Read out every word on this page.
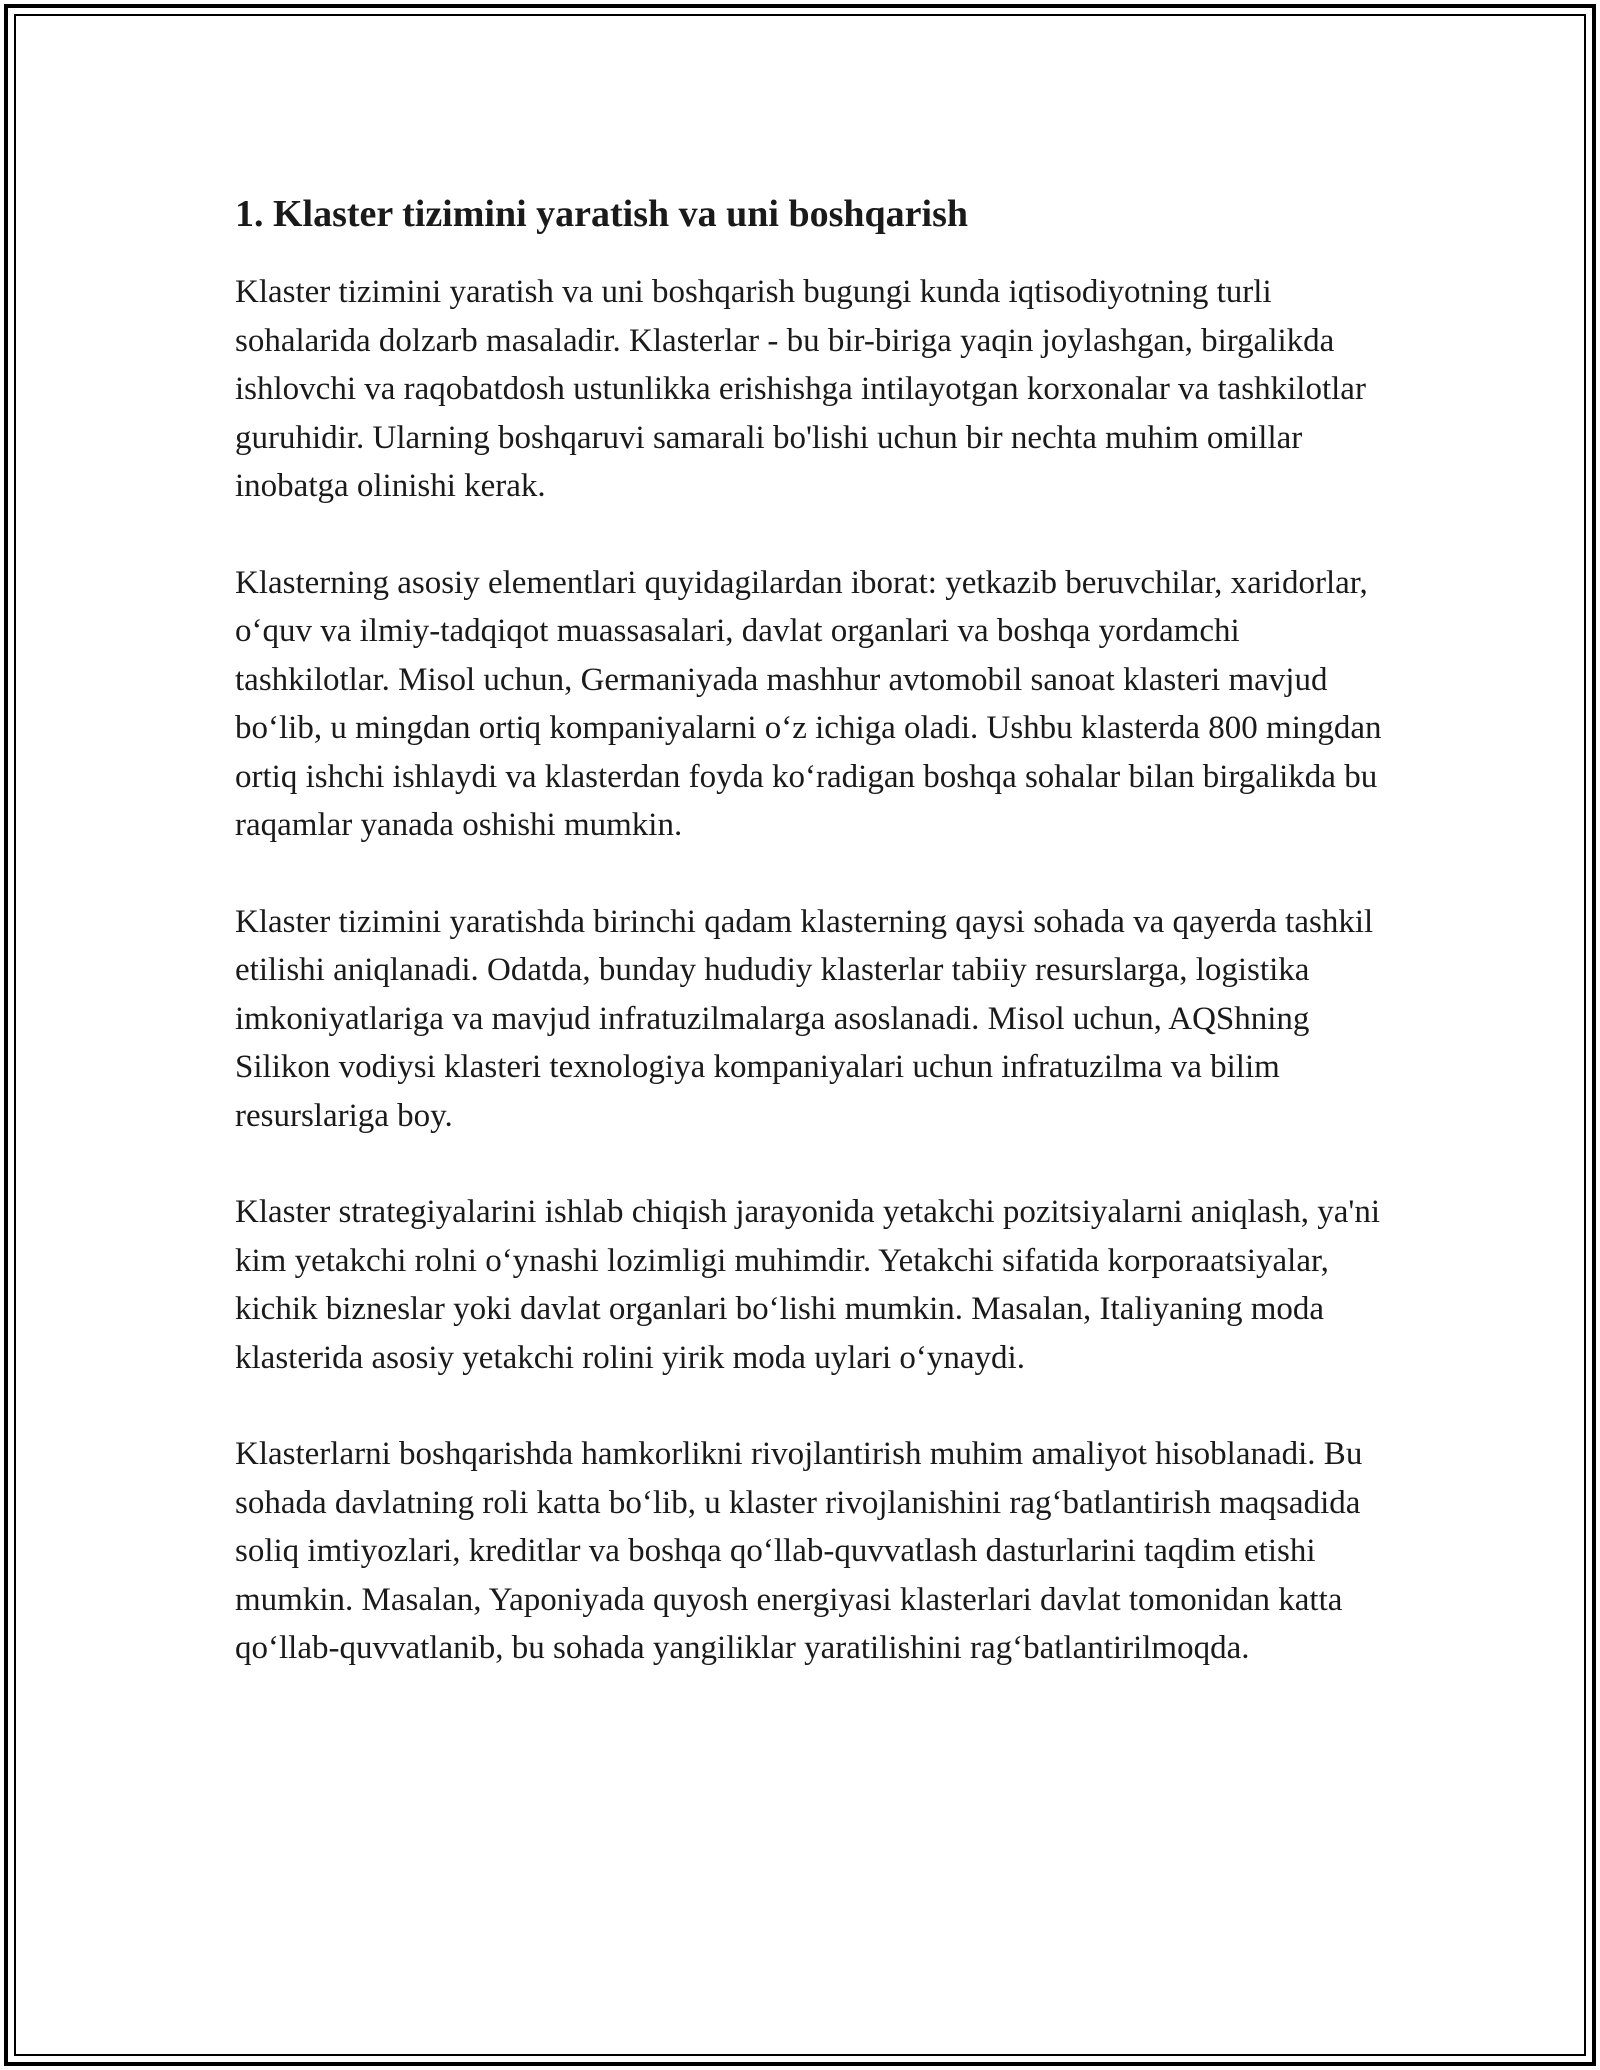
1. Klaster tizimini yaratish va uni boshqarish

Klaster tizimini yaratish va uni boshqarish bugungi kunda iqtisodiyotning turli sohalarida dolzarb masaladir. Klasterlar - bu bir-biriga yaqin joylashgan, birgalikda ishlovchi va raqobatdosh ustunlikka erishishga intilayotgan korxonalar va tashkilotlar guruhidir. Ularning boshqaruvi samarali bo'lishi uchun bir nechta muhim omillar inobatga olinishi kerak.

Klasterning asosiy elementlari quyidagilardan iborat: yetkazib beruvchilar, xaridorlar, o‘quv va ilmiy-tadqiqot muassasalari, davlat organlari va boshqa yordamchi tashkilotlar. Misol uchun, Germaniyada mashhur avtomobil sanoat klasteri mavjud bo‘lib, u mingdan ortiq kompaniyalarni o‘z ichiga oladi. Ushbu klasterda 800 mingdan ortiq ishchi ishlaydi va klasterdan foyda ko‘radigan boshqa sohalar bilan birgalikda bu raqamlar yanada oshishi mumkin.

Klaster tizimini yaratishda birinchi qadam klasterning qaysi sohada va qayerda tashkil etilishi aniqlanadi. Odatda, bunday hududiy klasterlar tabiiy resurslarga, logistika imkoniyatlariga va mavjud infratuzilmalarga asoslanadi. Misol uchun, AQShning Silikon vodiysi klasteri texnologiya kompaniyalari uchun infratuzilma va bilim resurslariga boy.

Klaster strategiyalarini ishlab chiqish jarayonida yetakchi pozitsiyalarni aniqlash, ya'ni kim yetakchi rolni o‘ynashi lozimligi muhimdir. Yetakchi sifatida korporaatsiyalar, kichik bizneslar yoki davlat organlari bo‘lishi mumkin. Masalan, Italiyaning moda klasterida asosiy yetakchi rolini yirik moda uylari o‘ynaydi.

Klasterlarni boshqarishda hamkorlikni rivojlantirish muhim amaliyot hisoblanadi. Bu sohada davlatning roli katta bo‘lib, u klaster rivojlanishini rag‘batlantirish maqsadida soliq imtiyozlari, kreditlar va boshqa qo‘llab-quvvatlash dasturlarini taqdim etishi mumkin. Masalan, Yaponiyada quyosh energiyasi klasterlari davlat tomonidan katta qo‘llab-quvvatlanib, bu sohada yangiliklar yaratilishini rag‘batlantirilmoqda.
